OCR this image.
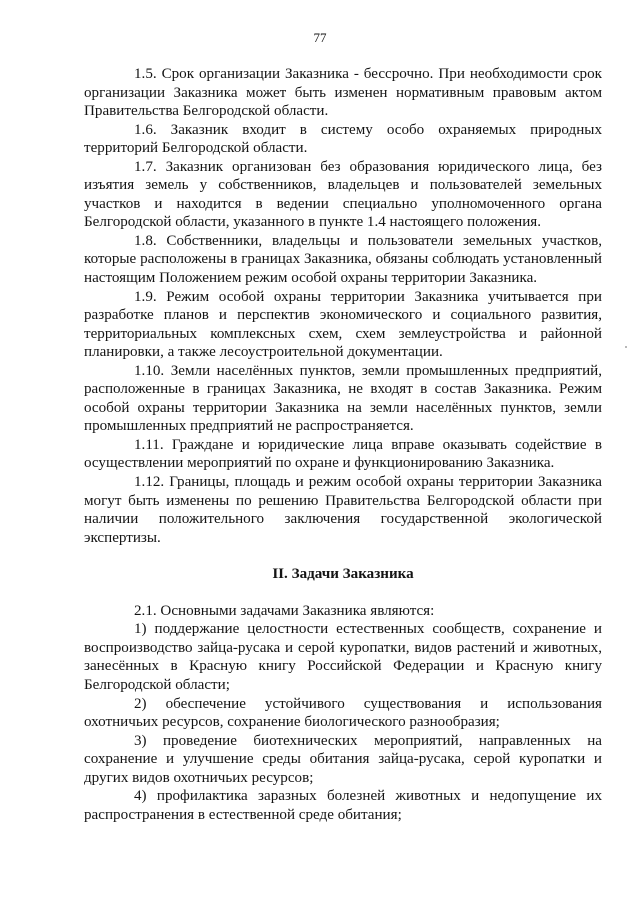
77

1.5. Срок организации Заказника - бессрочно. При необходимости срок организации Заказника может быть изменен нормативным правовым актом Правительства Белгородской области.

1.6. Заказник входит в систему особо охраняемых природных территорий Белгородской области.

1.7. Заказник организован без образования юридического лица, без изъятия земель у собственников, владельцев и пользователей земельных участков и находится в ведении специально уполномоченного органа Белгородской области, указанного в пункте 1.4 настоящего положения.

1.8. Собственники, владельцы и пользователи земельных участков, которые расположены в границах Заказника, обязаны соблюдать установленный настоящим Положением режим особой охраны территории Заказника.

1.9. Режим особой охраны территории Заказника учитывается при разработке планов и перспектив экономического и социального развития, территориальных комплексных схем, схем землеустройства и районной планировки, а также лесоустроительной документации.

1.10. Земли населённых пунктов, земли промышленных предприятий, расположенные в границах Заказника, не входят в состав Заказника. Режим особой охраны территории Заказника на земли населённых пунктов, земли промышленных предприятий не распространяется.

1.11. Граждане и юридические лица вправе оказывать содействие в осуществлении мероприятий по охране и функционированию Заказника.

1.12. Границы, площадь и режим особой охраны территории Заказника могут быть изменены по решению Правительства Белгородской области при наличии положительного заключения государственной экологической экспертизы.

II. Задачи Заказника

2.1. Основными задачами Заказника являются:

1) поддержание целостности естественных сообществ, сохранение и воспроизводство зайца-русака и серой куропатки, видов растений и животных, занесённых в Красную книгу Российской Федерации и Красную книгу Белгородской области;

2) обеспечение устойчивого существования и использования охотничьих ресурсов, сохранение биологического разнообразия;

3) проведение биотехнических мероприятий, направленных на сохранение и улучшение среды обитания зайца-русака, серой куропатки и других видов охотничьих ресурсов;

4) профилактика заразных болезней животных и недопущение их распространения в естественной среде обитания;
